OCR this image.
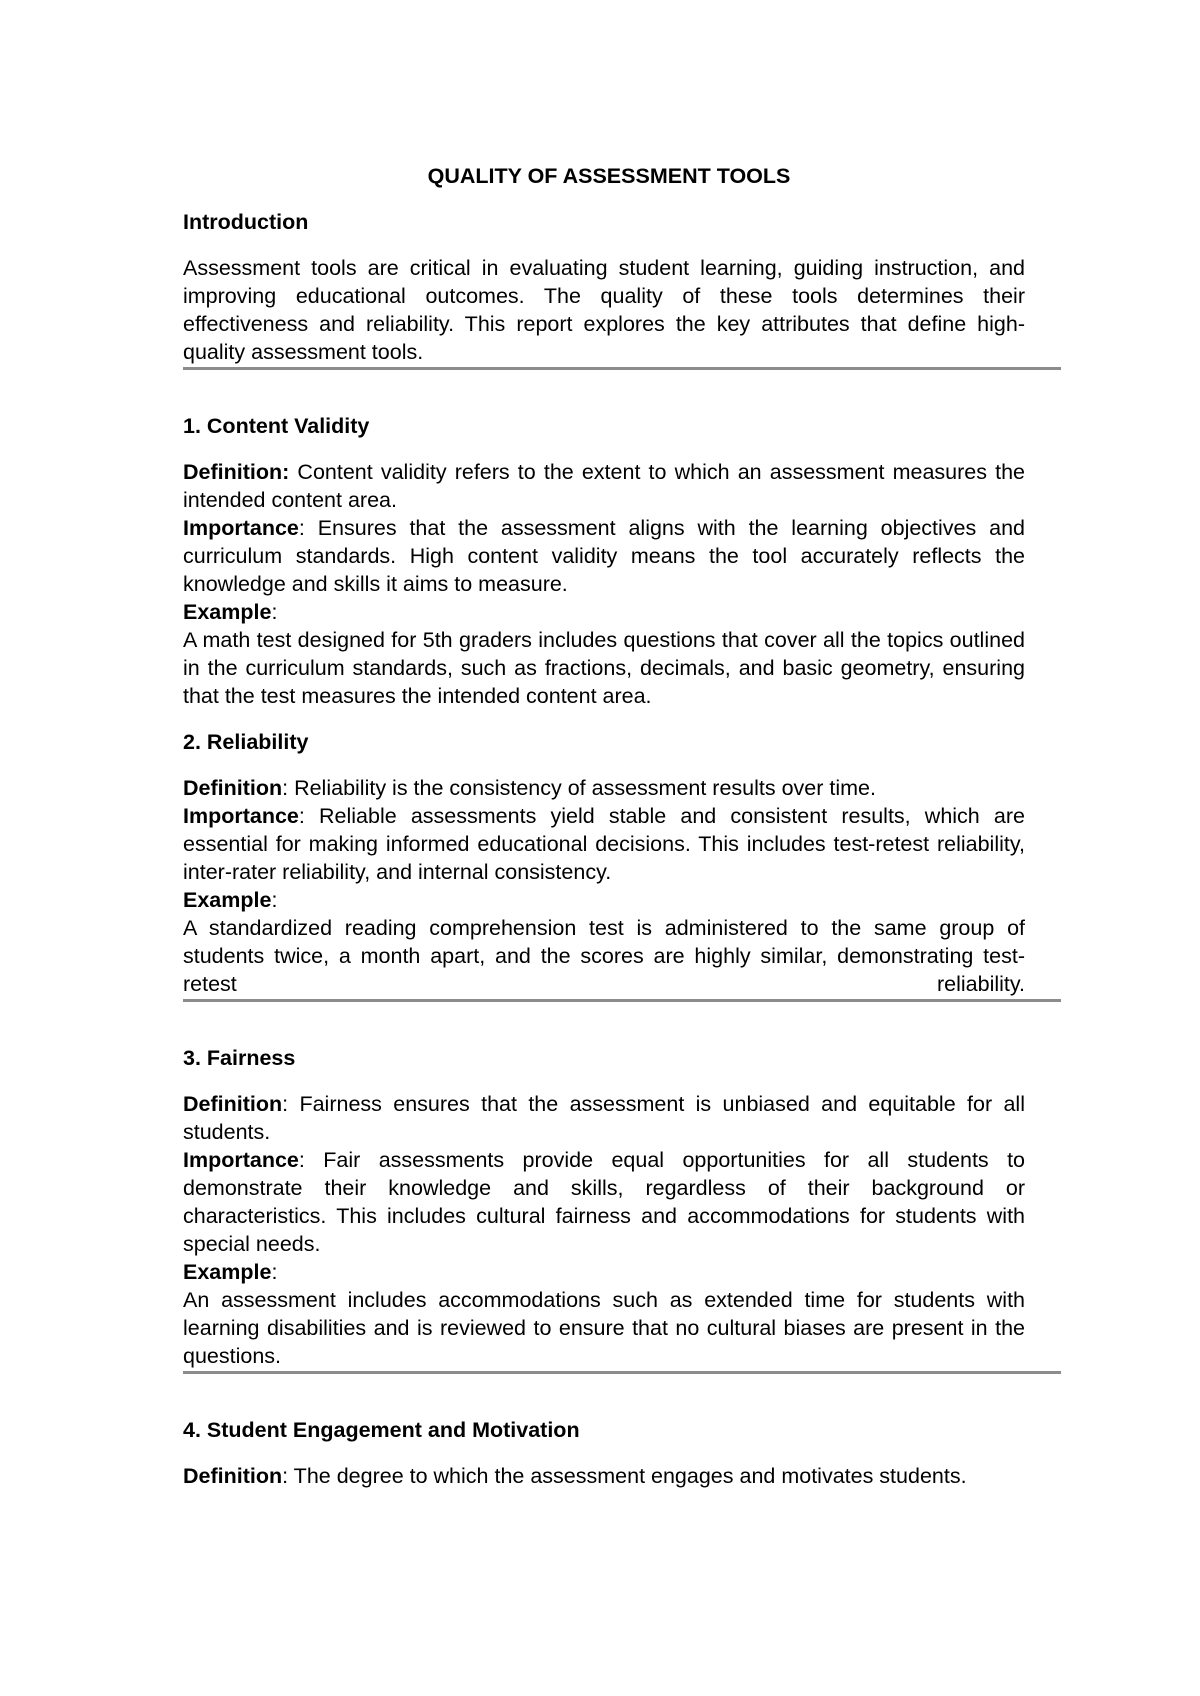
QUALITY OF ASSESSMENT TOOLS
Introduction

Assessment tools are critical in evaluating student learning, guiding instruction, and improving educational outcomes. The quality of these tools determines their effectiveness and reliability. This report explores the key attributes that define high-quality assessment tools.

1. Content Validity

Definition: Content validity refers to the extent to which an assessment measures the intended content area.

Importance: Ensures that the assessment aligns with the learning objectives and curriculum standards. High content validity means the tool accurately reflects the knowledge and skills it aims to measure.

Example:

A math test designed for 5th graders includes questions that cover all the topics outlined in the curriculum standards, such as fractions, decimals, and basic geometry, ensuring that the test measures the intended content area.

2. Reliability

Definition: Reliability is the consistency of assessment results over time.

Importance: Reliable assessments yield stable and consistent results, which are essential for making informed educational decisions. This includes test-retest reliability, inter-rater reliability, and internal consistency.

Example:

A standardized reading comprehension test is administered to the same group of students twice, a month apart, and the scores are highly similar, demonstrating test-retest reliability.

3. Fairness

Definition: Fairness ensures that the assessment is unbiased and equitable for all students.

Importance: Fair assessments provide equal opportunities for all students to demonstrate their knowledge and skills, regardless of their background or characteristics. This includes cultural fairness and accommodations for students with special needs.

Example:

An assessment includes accommodations such as extended time for students with learning disabilities and is reviewed to ensure that no cultural biases are present in the questions.

4. Student Engagement and Motivation

Definition: The degree to which the assessment engages and motivates students.
